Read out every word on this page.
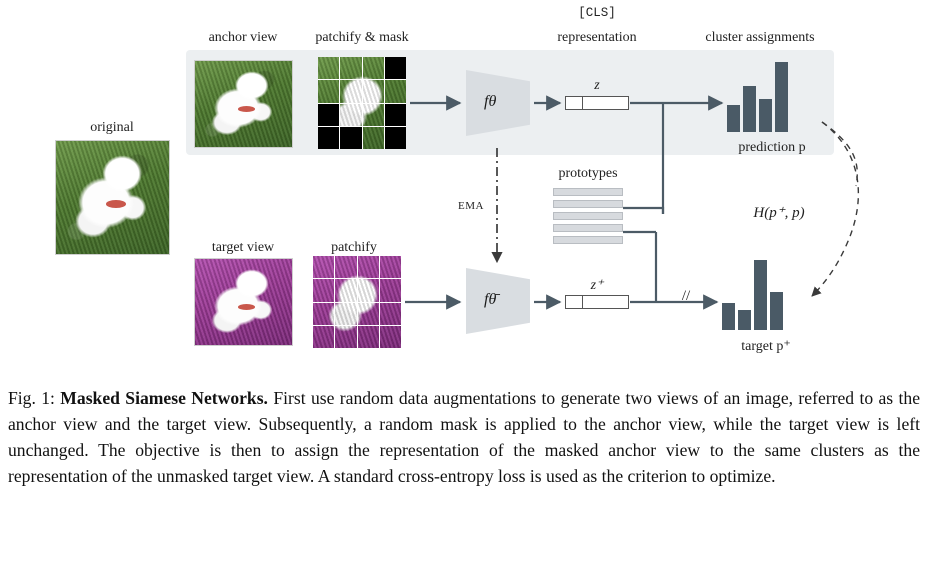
anchor view	patchify & mask
[CLS]
representation	cluster assignments
original
target view	patchify
prototypes
EMA	H(p⁺, p)
prediction p
target p⁺
//
z
z⁺
fθ
fθ̄
Fig. 1: Masked Siamese Networks. First use random data augmentations to generate two views of an image, referred to as the anchor view and the target view. Subsequently, a random mask is applied to the anchor view, while the target view is left unchanged. The objective is then to assign the representation of the masked anchor view to the same clusters as the representation of the unmasked target view. A standard cross-entropy loss is used as the criterion to optimize.
